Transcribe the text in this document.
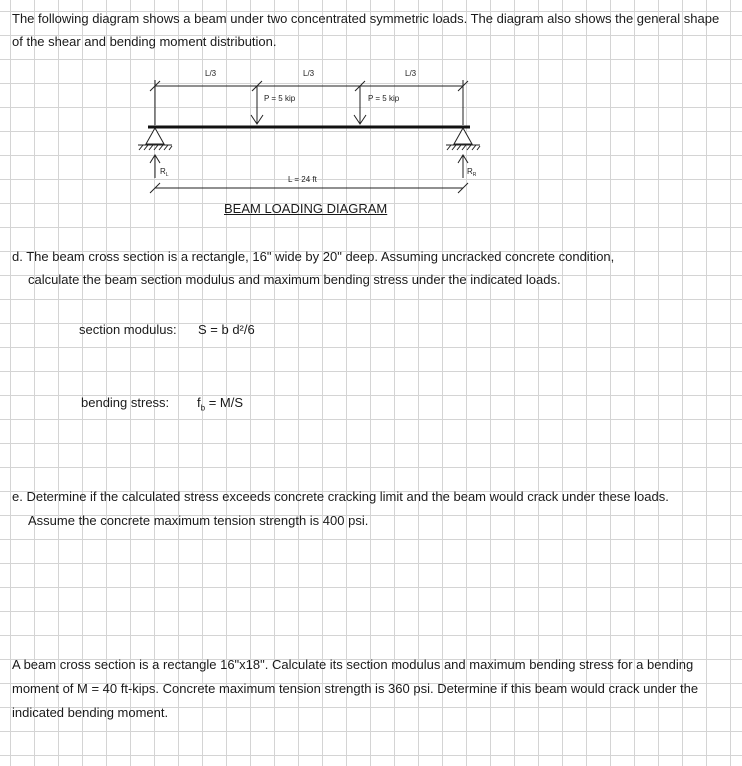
The following diagram shows a beam under two concentrated symmetric loads. The diagram also shows the general shape
of the shear and bending moment distribution.
L/3	L/3	L/3
P = 5 kip	P = 5 kip
$R_L$	$R_R$
L = 24 ft
BEAM LOADING DIAGRAM
d. The beam cross section is a rectangle, 16" wide by 20" deep. Assuming uncracked concrete condition,
calculate the beam section modulus and maximum bending stress under the indicated loads.
section modulus: S = b d²/6
bending stress: $f_b = M/S$
e. Determine if the calculated stress exceeds concrete cracking limit and the beam would crack under these loads.
Assume the concrete maximum tension strength is 400 psi.
A beam cross section is a rectangle 16"x18". Calculate its section modulus and maximum bending stress for a bending
moment of M = 40 ft-kips. Concrete maximum tension strength is 360 psi. Determine if this beam would crack under the
indicated bending moment.
